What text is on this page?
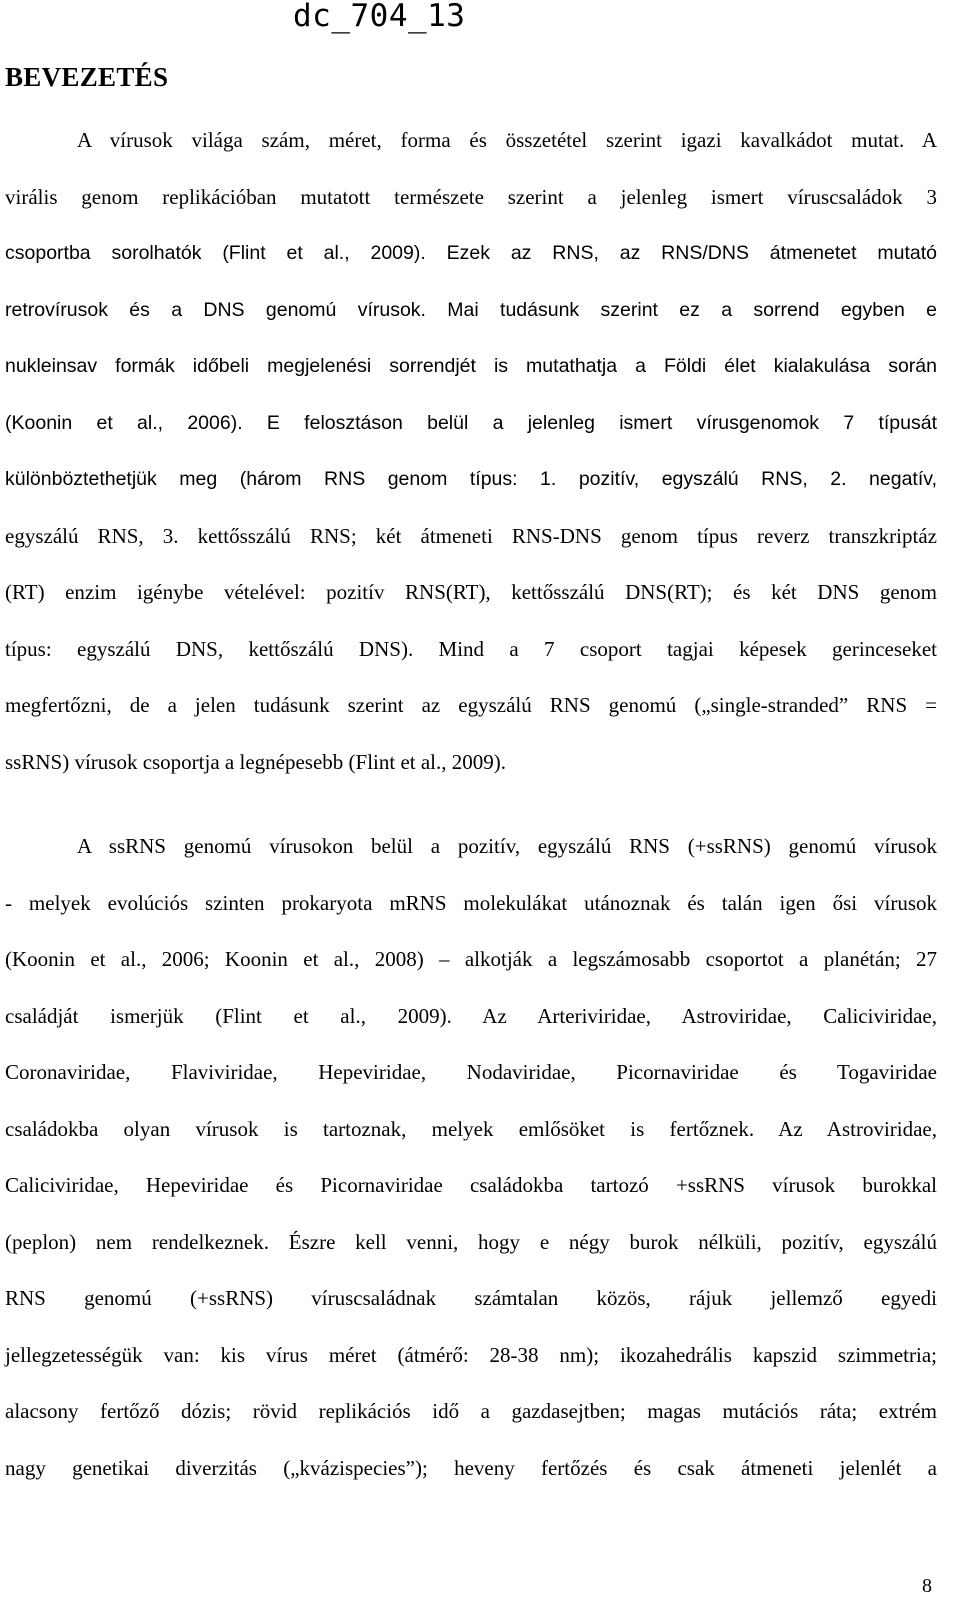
dc_704_13
BEVEZETÉS
A vírusok világa szám, méret, forma és összetétel szerint igazi kavalkádot mutat. A
virális genom replikációban mutatott természete szerint a jelenleg ismert víruscsaládok 3
csoportba sorolhatók (Flint et al., 2009). Ezek az RNS, az RNS/DNS átmenetet mutató
retrovírusok és a DNS genomú vírusok. Mai tudásunk szerint ez a sorrend egyben e
nukleinsav formák időbeli megjelenési sorrendjét is mutathatja a Földi élet kialakulása során
(Koonin et al., 2006). E felosztáson belül a jelenleg ismert vírusgenomok 7 típusát
különböztethetjük meg (három RNS genom típus: 1. pozitív, egyszálú RNS, 2. negatív,
egyszálú RNS, 3. kettősszálú RNS; két átmeneti RNS-DNS genom típus reverz transzkriptáz
(RT) enzim igénybe vételével: pozitív RNS(RT), kettősszálú DNS(RT); és két DNS genom
típus: egyszálú DNS, kettőszálú DNS). Mind a 7 csoport tagjai képesek gerinceseket
megfertőzni, de a jelen tudásunk szerint az egyszálú RNS genomú („single-stranded” RNS =
ssRNS) vírusok csoportja a legnépesebb (Flint et al., 2009).
A ssRNS genomú vírusokon belül a pozitív, egyszálú RNS (+ssRNS) genomú vírusok
- melyek evolúciós szinten prokaryota mRNS molekulákat utánoznak és talán igen ősi vírusok
(Koonin et al., 2006; Koonin et al., 2008) – alkotják a legszámosabb csoportot a planétán; 27
családját ismerjük (Flint et al., 2009). Az Arteriviridae, Astroviridae, Caliciviridae,
Coronaviridae, Flaviviridae, Hepeviridae, Nodaviridae, Picornaviridae és Togaviridae
családokba olyan vírusok is tartoznak, melyek emlősöket is fertőznek. Az Astroviridae,
Caliciviridae, Hepeviridae és Picornaviridae családokba tartozó +ssRNS vírusok burokkal
(peplon) nem rendelkeznek. Észre kell venni, hogy e négy burok nélküli, pozitív, egyszálú
RNS genomú (+ssRNS) víruscsaládnak számtalan közös, rájuk jellemző egyedi
jellegzetességük van: kis vírus méret (átmérő: 28-38 nm); ikozahedrális kapszid szimmetria;
alacsony fertőző dózis; rövid replikációs idő a gazdasejtben; magas mutációs ráta; extrém
nagy genetikai diverzitás („kvázispecies”); heveny fertőzés és csak átmeneti jelenlét a
8
